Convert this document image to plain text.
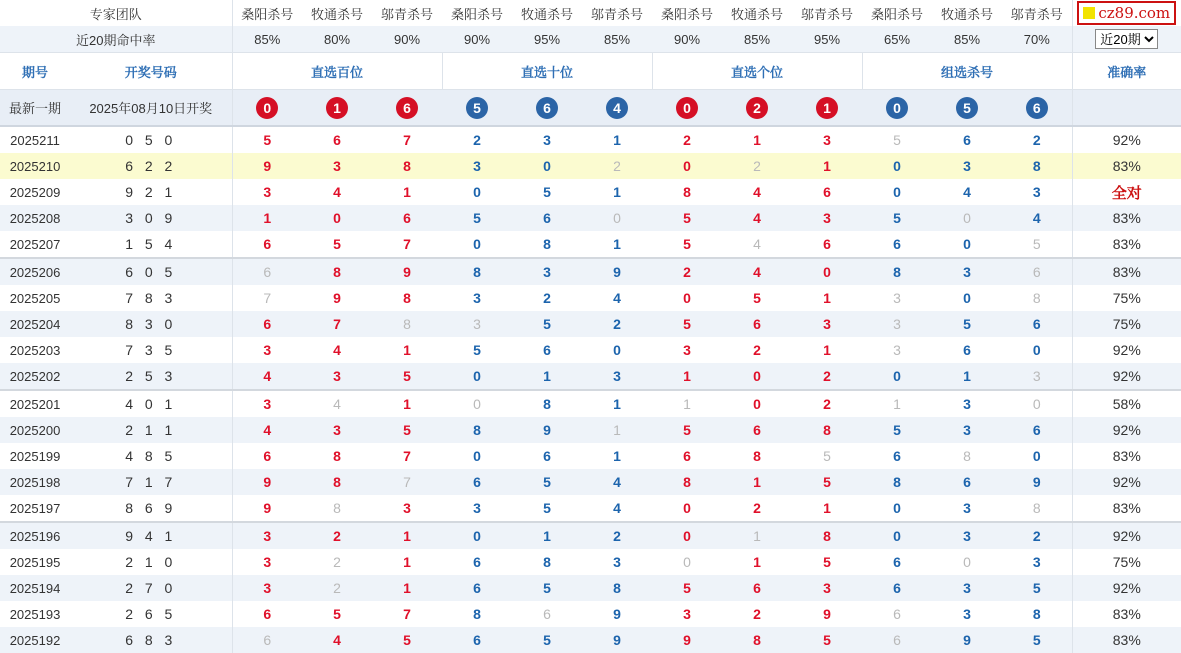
专家团队		桑阳杀号	牧通杀号	邬青杀号	桑阳杀号	牧通杀号	邬青杀号	桑阳杀号	牧通杀号	邬青杀号	桑阳杀号	牧通杀号	邬青杀号	cz89.com

近20期命中率		85%	80%	90%	90%	95%	85%	90%	85%	95%	65%	85%	70%	
近20期
期号	开奖号码	直选百位			直选十位			直选个位			组选杀号			准确率
最新一期	2025年08月10日开奖	0	1	6	5	6	4	0	2	1	0	5	6	
2025211	0 5 0	5	6	7	2	3	1	2	1	3	5	6	2	92%
2025210	6 2 2	9	3	8	3	0	2	0	2	1	0	3	8	83%
2025209	9 2 1	3	4	1	0	5	1	8	4	6	0	4	3	全对
2025208	3 0 9	1	0	6	5	6	0	5	4	3	5	0	4	83%
2025207	1 5 4	6	5	7	0	8	1	5	4	6	6	0	5	83%
2025206	6 0 5	6	8	9	8	3	9	2	4	0	8	3	6	83%
2025205	7 8 3	7	9	8	3	2	4	0	5	1	3	0	8	75%
2025204	8 3 0	6	7	8	3	5	2	5	6	3	3	5	6	75%
2025203	7 3 5	3	4	1	5	6	0	3	2	1	3	6	0	92%
2025202	2 5 3	4	3	5	0	1	3	1	0	2	0	1	3	92%
2025201	4 0 1	3	4	1	0	8	1	1	0	2	1	3	0	58%
2025200	2 1 1	4	3	5	8	9	1	5	6	8	5	3	6	92%
2025199	4 8 5	6	8	7	0	6	1	6	8	5	6	8	0	83%
2025198	7 1 7	9	8	7	6	5	4	8	1	5	8	6	9	92%
2025197	8 6 9	9	8	3	3	5	4	0	2	1	0	3	8	83%
2025196	9 4 1	3	2	1	0	1	2	0	1	8	0	3	2	92%
2025195	2 1 0	3	2	1	6	8	3	0	1	5	6	0	3	75%
2025194	2 7 0	3	2	1	6	5	8	5	6	3	6	3	5	92%
2025193	2 6 5	6	5	7	8	6	9	3	2	9	6	3	8	83%
2025192	6 8 3	6	4	5	6	5	9	9	8	5	6	9	5	83%
